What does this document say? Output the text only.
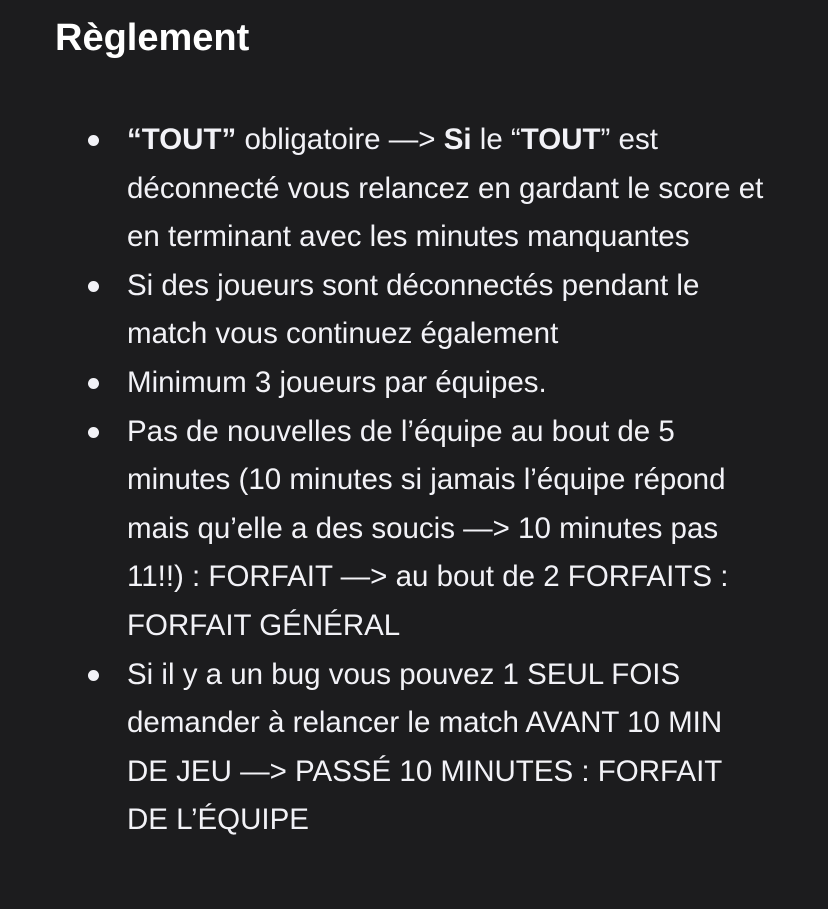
Règlement
“TOUT” obligatoire —> Si le “TOUT” est déconnecté vous relancez en gardant le score et en terminant avec les minutes manquantes
Si des joueurs sont déconnectés pendant le match vous continuez également
Minimum 3 joueurs par équipes.
Pas de nouvelles de l’équipe au bout de 5 minutes (10 minutes si jamais l’équipe répond mais qu’elle a des soucis —> 10 minutes pas 11!!) : FORFAIT —> au bout de 2 FORFAITS : FORFAIT GÉNÉRAL
Si il y a un bug vous pouvez 1 SEUL FOIS demander à relancer le match AVANT 10 MIN DE JEU —> PASSÉ 10 MINUTES : FORFAIT DE L’ÉQUIPE
